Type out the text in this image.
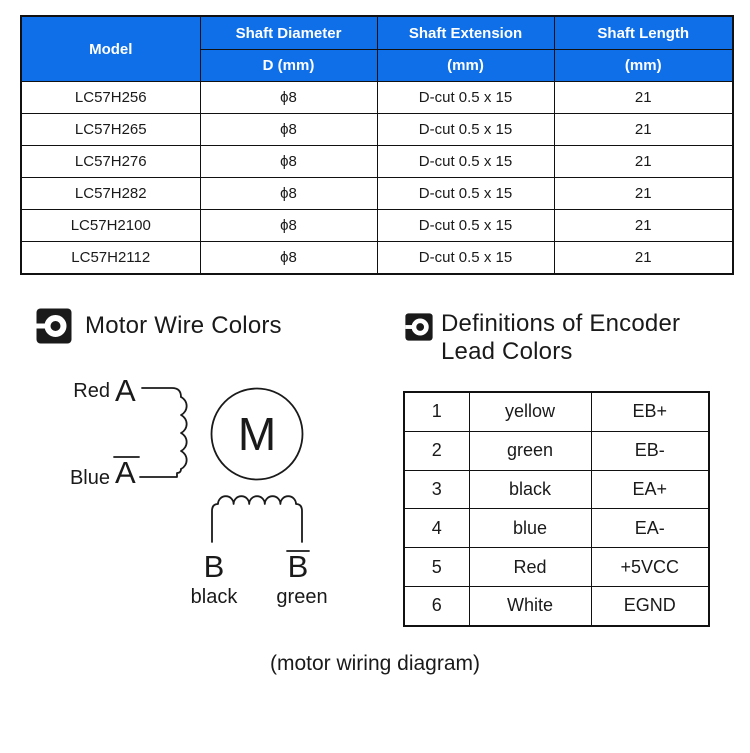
Model	Shaft Diameter	Shaft Extension	Shaft Length
	D (mm)	(mm)	(mm)
LC57H256	ϕ8	D-cut 0.5 x 15	21
LC57H265	ϕ8	D-cut 0.5 x 15	21
LC57H276	ϕ8	D-cut 0.5 x 15	21
LC57H282	ϕ8	D-cut 0.5 x 15	21
LC57H2100	ϕ8	D-cut 0.5 x 15	21
LC57H2112	ϕ8	D-cut 0.5 x 15	21
Motor Wire Colors	Definitions of Encoder
Lead Colors
Red A
Blue A
M
B B
black green
1	yellow	EB+
2	green	EB-
3	black	EA+
4	blue	EA-
5	Red	+5VCC
6	White	EGND
(motor wiring diagram)
